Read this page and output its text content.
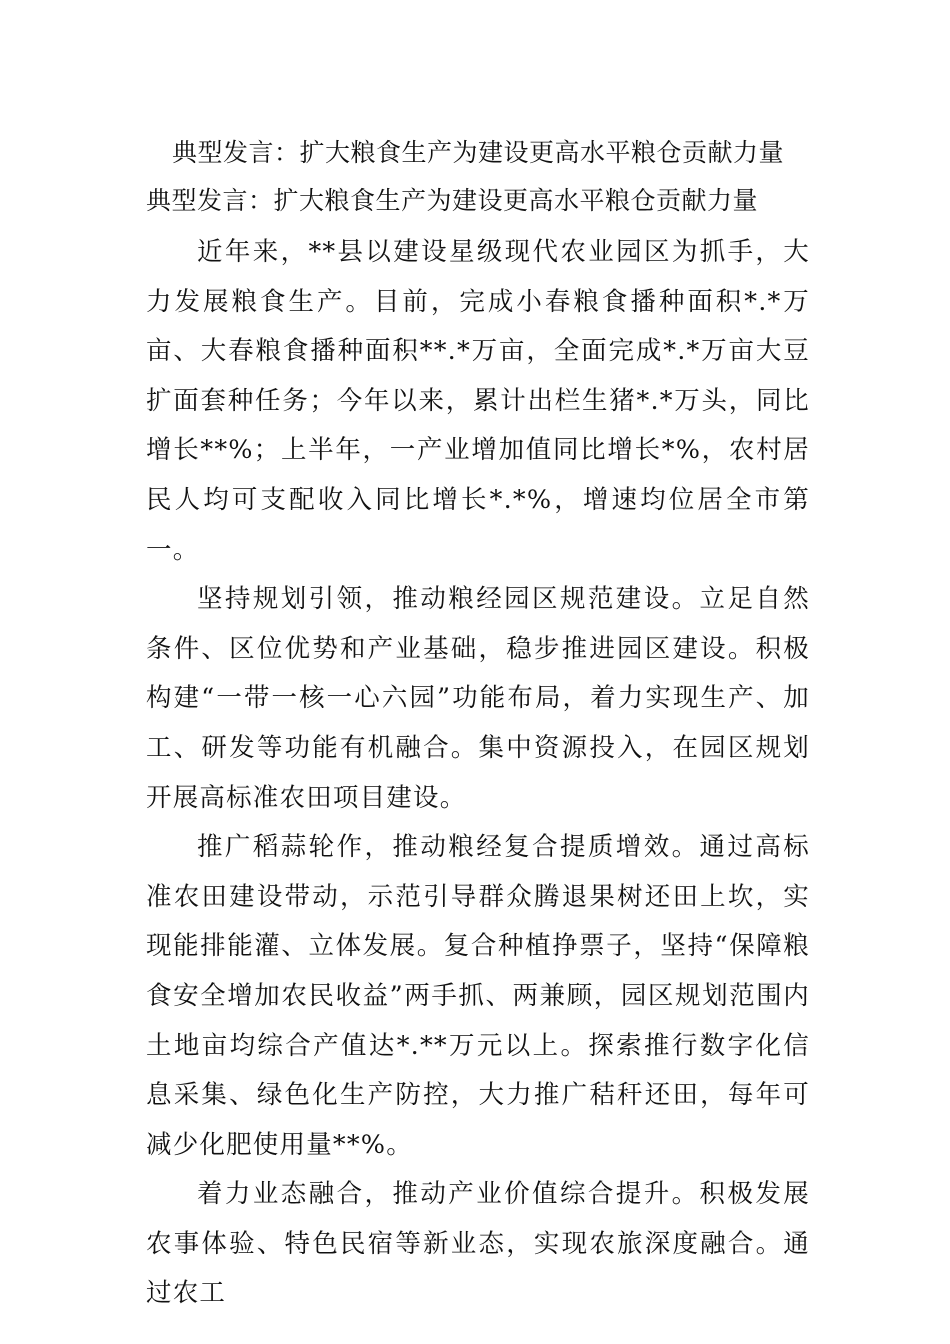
典型发言：扩大粮食生产为建设更高水平粮仓贡献力量
典型发言：扩大粮食生产为建设更高水平粮仓贡献力量

近年来，**县以建设星级现代农业园区为抓手，大力发展粮食生产。目前，完成小春粮食播种面积*.*万亩、大春粮食播种面积**.*万亩，全面完成*.*万亩大豆扩面套种任务；今年以来，累计出栏生猪*.*万头，同比增长**%；上半年，一产业增加值同比增长*%，农村居民人均可支配收入同比增长*.*%，增速均位居全市第一。

坚持规划引领，推动粮经园区规范建设。立足自然条件、区位优势和产业基础，稳步推进园区建设。积极构建“一带一核一心六园”功能布局，着力实现生产、加工、研发等功能有机融合。集中资源投入，在园区规划开展高标准农田项目建设。

推广稻蒜轮作，推动粮经复合提质增效。通过高标准农田建设带动，示范引导群众腾退果树还田上坎，实现能排能灌、立体发展。复合种植挣票子，坚持“保障粮食安全增加农民收益”两手抓、两兼顾，园区规划范围内土地亩均综合产值达*.**万元以上。探索推行数字化信息采集、绿色化生产防控，大力推广秸秆还田，每年可减少化肥使用量**%。

着力业态融合，推动产业价值综合提升。积极发展农事体验、特色民宿等新业态，实现农旅深度融合。通过农工
